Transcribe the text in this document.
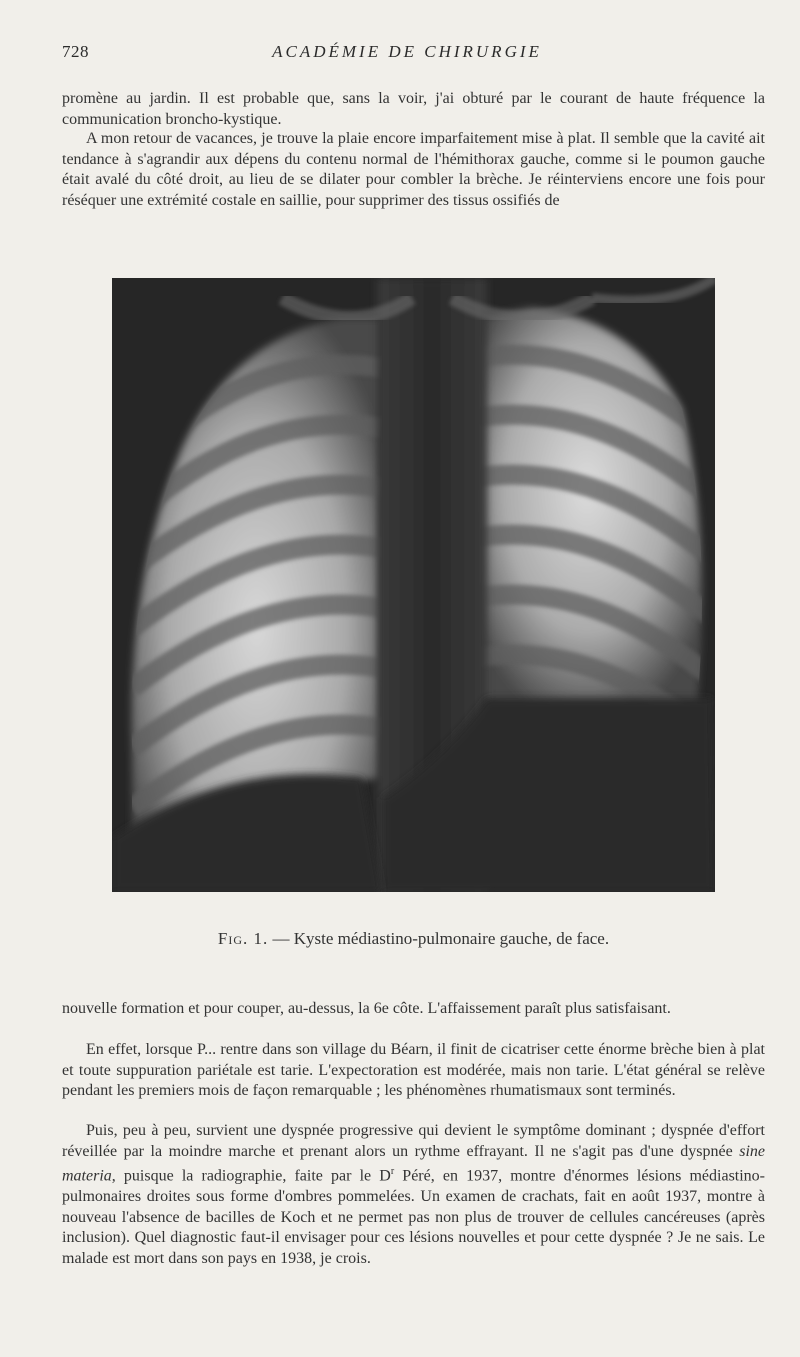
728	ACADÉMIE DE CHIRURGIE

promène au jardin. Il est probable que, sans la voir, j'ai obturé par le courant de haute fréquence la communication broncho-kystique.

A mon retour de vacances, je trouve la plaie encore imparfaitement mise à plat. Il semble que la cavité ait tendance à s'agrandir aux dépens du contenu normal de l'hémithorax gauche, comme si le poumon gauche était avalé du côté droit, au lieu de se dilater pour combler la brèche. Je réinterviens encore une fois pour réséquer une extrémité costale en saillie, pour supprimer des tissus ossifiés de

Fig. 1. — Kyste médiastino-pulmonaire gauche, de face.

nouvelle formation et pour couper, au-dessus, la 6e côte. L'affaissement paraît plus satisfaisant.

En effet, lorsque P... rentre dans son village du Béarn, il finit de cicatriser cette énorme brèche bien à plat et toute suppuration pariétale est tarie. L'expectoration est modérée, mais non tarie. L'état général se relève pendant les premiers mois de façon remarquable ; les phénomènes rhumatismaux sont terminés.

Puis, peu à peu, survient une dyspnée progressive qui devient le symptôme dominant ; dyspnée d'effort réveillée par la moindre marche et prenant alors un rythme effrayant. Il ne s'agit pas d'une dyspnée sine materia, puisque la radiographie, faite par le $D^r$ Péré, en 1937, montre d'énormes lésions médiastino-pulmonaires droites sous forme d'ombres pommelées. Un examen de crachats, fait en août 1937, montre à nouveau l'absence de bacilles de Koch et ne permet pas non plus de trouver de cellules cancéreuses (après inclusion). Quel diagnostic faut-il envisager pour ces lésions nouvelles et pour cette dyspnée ? Je ne sais. Le malade est mort dans son pays en 1938, je crois.
